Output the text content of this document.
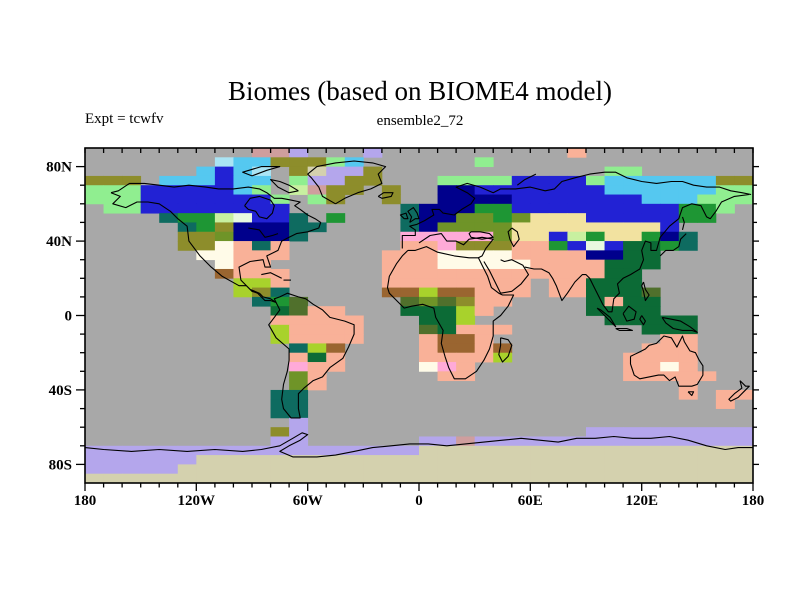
Biomes (based on BIOME4 model)
Expt = tcwfv	ensemble2_72
180	120W	60W	0	60E	120E	180
80N
40N
0
40S
80S
